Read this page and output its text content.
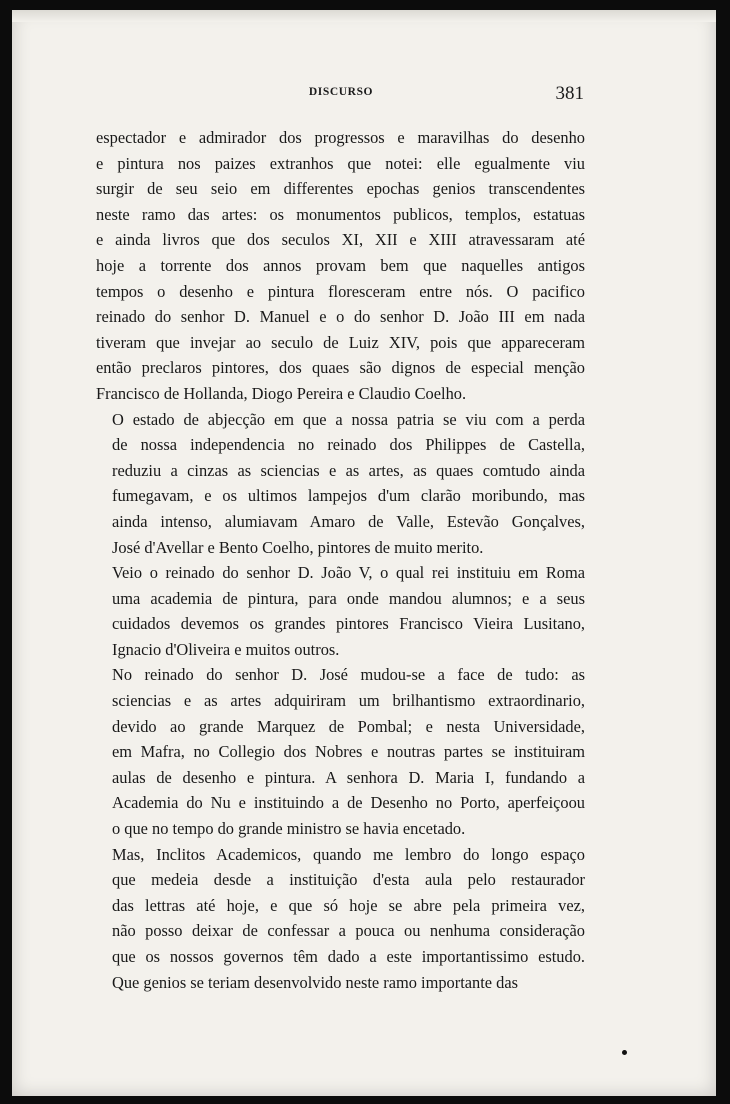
DISCURSO	381

espectador e admirador dos progressos e maravilhas do desenho
e pintura nos paizes extranhos que notei: elle egualmente viu
surgir de seu seio em differentes epochas genios transcendentes
neste ramo das artes: os monumentos publicos, templos, estatuas
e ainda livros que dos seculos XI, XII e XIII atravessaram até
hoje a torrente dos annos provam bem que naquelles antigos
tempos o desenho e pintura floresceram entre nós. O pacifico
reinado do senhor D. Manuel e o do senhor D. João III em nada
tiveram que invejar ao seculo de Luiz XIV, pois que appareceram
então preclaros pintores, dos quaes são dignos de especial menção
Francisco de Hollanda, Diogo Pereira e Claudio Coelho.

O estado de abjecção em que a nossa patria se viu com a perda
de nossa independencia no reinado dos Philippes de Castella,
reduziu a cinzas as sciencias e as artes, as quaes comtudo ainda
fumegavam, e os ultimos lampejos d'um clarão moribundo, mas
ainda intenso, alumiavam Amaro de Valle, Estevão Gonçalves,
José d'Avellar e Bento Coelho, pintores de muito merito.

Veio o reinado do senhor D. João V, o qual rei instituiu em Roma
uma academia de pintura, para onde mandou alumnos; e a seus
cuidados devemos os grandes pintores Francisco Vieira Lusitano,
Ignacio d'Oliveira e muitos outros.

No reinado do senhor D. José mudou-se a face de tudo: as
sciencias e as artes adquiriram um brilhantismo extraordinario,
devido ao grande Marquez de Pombal; e nesta Universidade,
em Mafra, no Collegio dos Nobres e noutras partes se instituiram
aulas de desenho e pintura. A senhora D. Maria I, fundando a
Academia do Nu e instituindo a de Desenho no Porto, aperfeiçoou
o que no tempo do grande ministro se havia encetado.

Mas, Inclitos Academicos, quando me lembro do longo espaço
que medeia desde a instituição d'esta aula pelo restaurador
das lettras até hoje, e que só hoje se abre pela primeira vez,
não posso deixar de confessar a pouca ou nenhuma consideração
que os nossos governos têm dado a este importantissimo estudo.
Que genios se teriam desenvolvido neste ramo importante das
